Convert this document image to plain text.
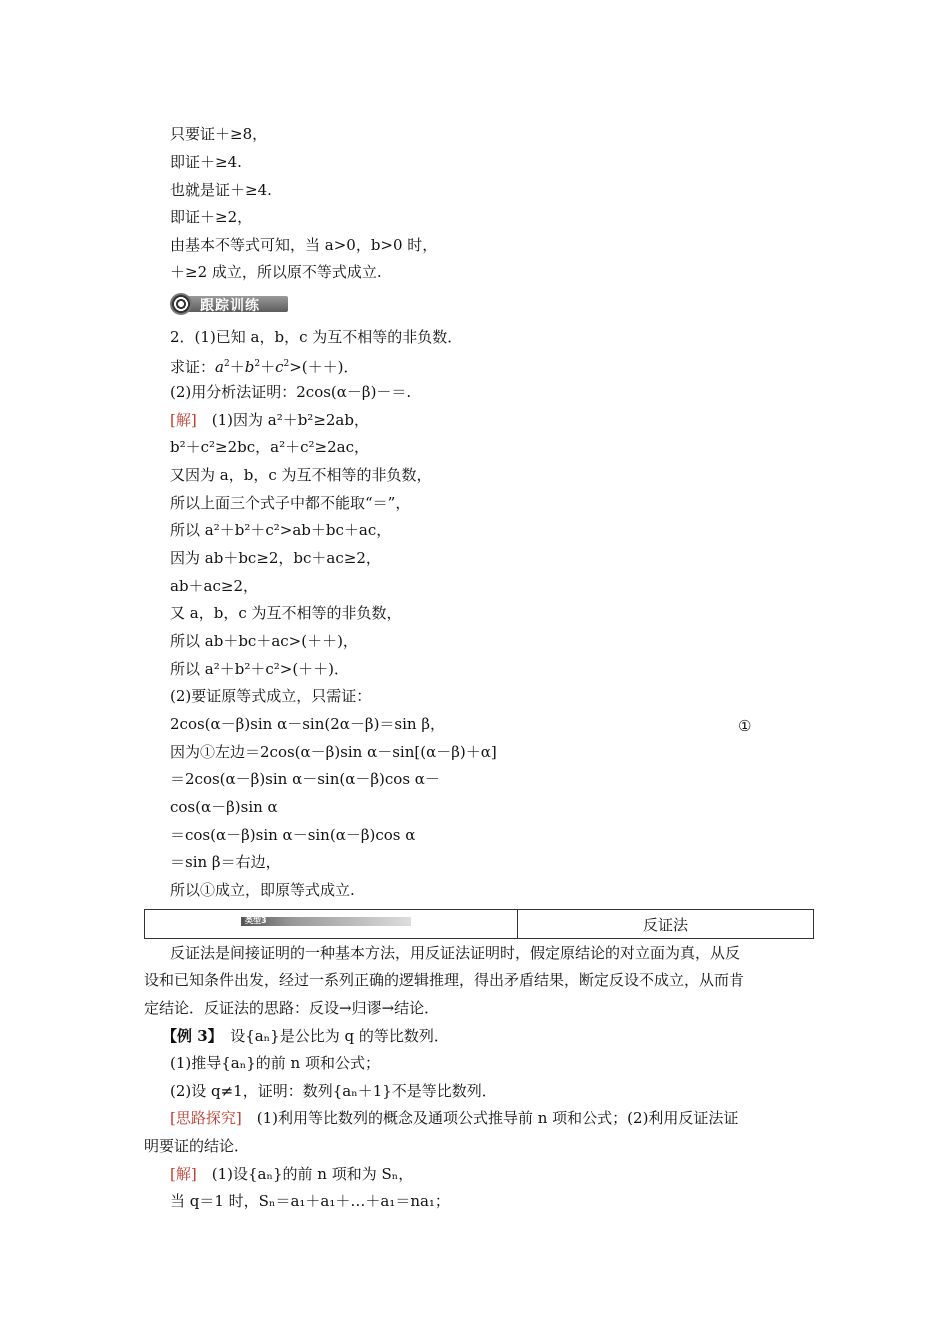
只要证＋≥8，
即证＋≥4.
也就是证＋≥4.
即证＋≥2，
由基本不等式可知，当 a>0，b>0 时，
＋≥2 成立，所以原不等式成立.
跟踪训练
2．(1)已知 a，b，c 为互不相等的非负数．
求证：$a^2+b^2+c^2>(++)$．
(2)用分析法证明：2cos(α－β)－＝.
[解]　 (1)因为 a²＋b²≥2ab，
b²＋c²≥2bc，a²＋c²≥2ac，
又因为 a，b，c 为互不相等的非负数，
所以上面三个式子中都不能取“＝”，
所以 a²＋b²＋c²>ab＋bc＋ac，
因为 ab＋bc≥2，bc＋ac≥2，
ab＋ac≥2，
又 a，b，c 为互不相等的非负数，
所以 ab＋bc＋ac>(＋＋)，
所以 a²＋b²＋c²>(＋＋)．
(2)要证原等式成立，只需证：
2cos(α－β)sin α－sin(2α－β)＝sin β，	①
因为①左边＝2cos(α－β)sin α－sin[(α－β)＋α]
＝2cos(α－β)sin α－sin(α－β)cos α－
cos(α－β)sin α
＝cos(α－β)sin α－sin(α－β)cos α
＝sin β＝右边，
所以①成立，即原等式成立.
类型3	反证法
反证法是间接证明的一种基本方法，用反证法证明时，假定原结论的对立面为真，从反
设和已知条件出发，经过一系列正确的逻辑推理，得出矛盾结果，断定反设不成立，从而肯
定结论．反证法的思路：反设→归谬→结论．
【例 3】　 设{aₙ}是公比为 q 的等比数列．
(1)推导{aₙ}的前 n 项和公式；
(2)设 q≠1，证明：数列{aₙ＋1}不是等比数列．
[思路探究]　 (1)利用等比数列的概念及通项公式推导前 n 项和公式；(2)利用反证法证
明要证的结论．
[解]　 (1)设{aₙ}的前 n 项和为 Sₙ，
当 q＝1 时，Sₙ＝a₁＋a₁＋…＋a₁＝na₁；
